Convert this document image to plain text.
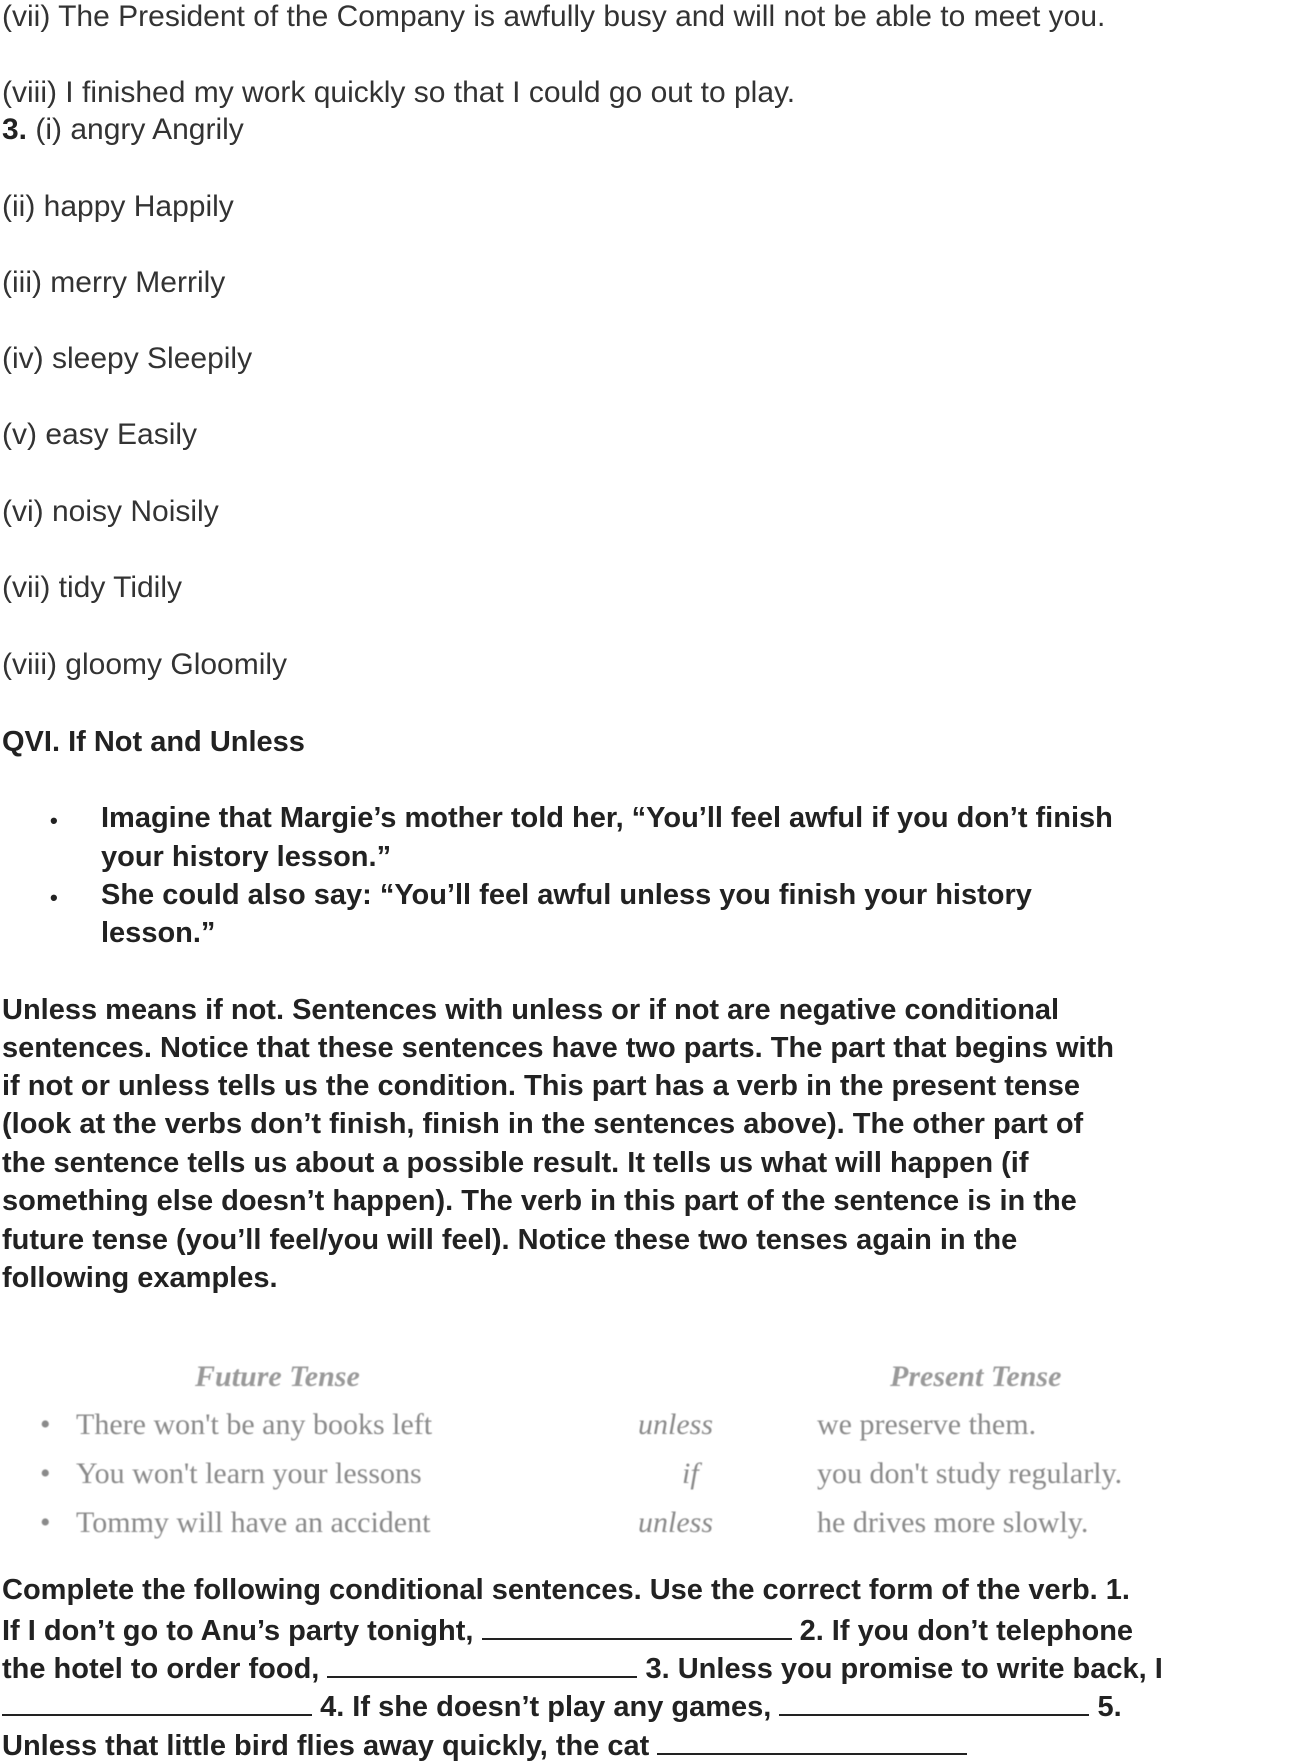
(vii) The President of the Company is awfully busy and will not be able to meet you.
(viii) I finished my work quickly so that I could go out to play.
3. (i) angry Angrily
(ii) happy Happily
(iii) merry Merrily
(iv) sleepy Sleepily
(v) easy Easily
(vi) noisy Noisily
(vii) tidy Tidily
(viii) gloomy Gloomily
QVI. If Not and Unless
• Imagine that Margie’s mother told her, “You’ll feel awful if you don’t finish
your history lesson.”
• She could also say: “You’ll feel awful unless you finish your history
lesson.”
Unless means if not. Sentences with unless or if not are negative conditional
sentences. Notice that these sentences have two parts. The part that begins with
if not or unless tells us the condition. This part has a verb in the present tense
(look at the verbs don’t finish, finish in the sentences above). The other part of
the sentence tells us about a possible result. It tells us what will happen (if
something else doesn’t happen). The verb in this part of the sentence is in the
future tense (you’ll feel/you will feel). Notice these two tenses again in the
following examples.
Future Tense	Present Tense
• There won't be any books left	unless	we preserve them.
• You won't learn your lessons	if	you don't study regularly.
• Tommy will have an accident	unless	he drives more slowly.
Complete the following conditional sentences. Use the correct form of the verb. 1.
If I don’t go to Anu’s party tonight,	2. If you don’t telephone
the hotel to order food,	3. Unless you promise to write back, I
4. If she doesn’t play any games,	5.
Unless that little bird flies away quickly, the cat
